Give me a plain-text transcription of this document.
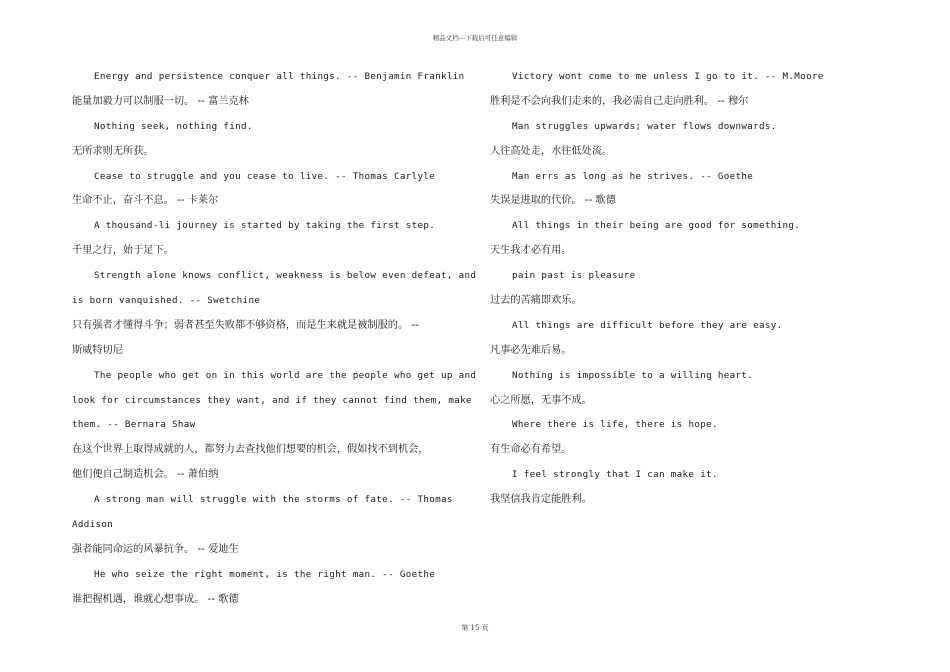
精品文档---下载后可任意编辑
Energy and persistence conquer all things. -- Benjamin Franklin
能量加毅力可以制服一切。 -- 富兰克林
Nothing seek, nothing find.
无所求则无所获。
Cease to struggle and you cease to live. -- Thomas Carlyle
生命不止，奋斗不息。 -- 卡莱尔
A thousand-li journey is started by taking the first step.
千里之行，始于足下。
Strength alone knows conflict, weakness is below even defeat, and
is born vanquished. -- Swetchine
只有强者才懂得斗争；弱者甚至失败都不够资格，而是生来就是被制服的。 --
斯威特切尼
The people who get on in this world are the people who get up and
look for circumstances they want, and if they cannot find them, make
them. -- Bernara Shaw
在这个世界上取得成就的人，都努力去查找他们想要的机会，假如找不到机会，
他们便自己制造机会。 -- 萧伯纳
A strong man will struggle with the storms of fate. -- Thomas
Addison
强者能同命运的风暴抗争。 -- 爱迪生
He who seize the right moment, is the right man. -- Goethe
谁把握机遇，谁就心想事成。 -- 歌德
Victory wont come to me unless I go to it. -- M.Moore
胜利是不会向我们走来的，我必需自己走向胜利。 -- 穆尔
Man struggles upwards; water flows downwards.
人往高处走，水往低处流。
Man errs as long as he strives. -- Goethe
失误是进取的代价。 -- 歌德
All things in their being are good for something.
天生我才必有用。
pain past is pleasure
过去的苦痛即欢乐。
All things are difficult before they are easy.
凡事必先难后易。
Nothing is impossible to a willing heart.
心之所愿，无事不成。
Where there is life, there is hope.
有生命必有希望。
I feel strongly that I can make it.
我坚信我肯定能胜利。
第 15 页
